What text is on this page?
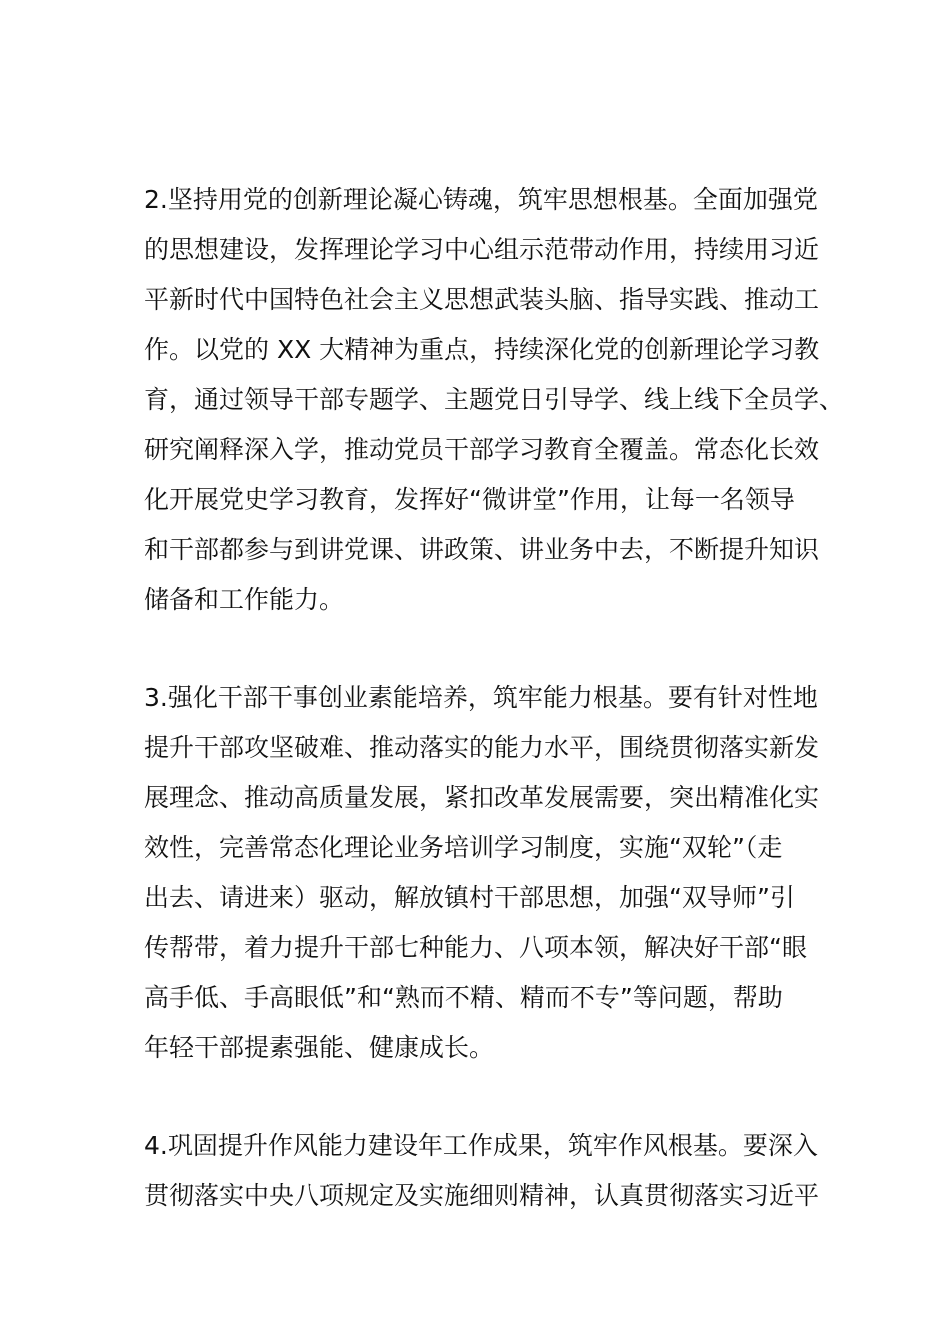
2.坚持用党的创新理论凝心铸魂，筑牢思想根基。全面加强党
的思想建设，发挥理论学习中心组示范带动作用，持续用习近
平新时代中国特色社会主义思想武装头脑、指导实践、推动工
作。以党的 XX 大精神为重点，持续深化党的创新理论学习教
育，通过领导干部专题学、主题党日引导学、线上线下全员学、
研究阐释深入学，推动党员干部学习教育全覆盖。常态化长效
化开展党史学习教育，发挥好“微讲堂”作用，让每一名领导
和干部都参与到讲党课、讲政策、讲业务中去，不断提升知识
储备和工作能力。
3.强化干部干事创业素能培养，筑牢能力根基。要有针对性地
提升干部攻坚破难、推动落实的能力水平，围绕贯彻落实新发
展理念、推动高质量发展，紧扣改革发展需要，突出精准化实
效性，完善常态化理论业务培训学习制度，实施“双轮”（走
出去、请进来）驱动，解放镇村干部思想，加强“双导师”引
传帮带，着力提升干部七种能力、八项本领，解决好干部“眼
高手低、手高眼低”和“熟而不精、精而不专”等问题，帮助
年轻干部提素强能、健康成长。
4.巩固提升作风能力建设年工作成果，筑牢作风根基。要深入
贯彻落实中央八项规定及实施细则精神，认真贯彻落实习近平
